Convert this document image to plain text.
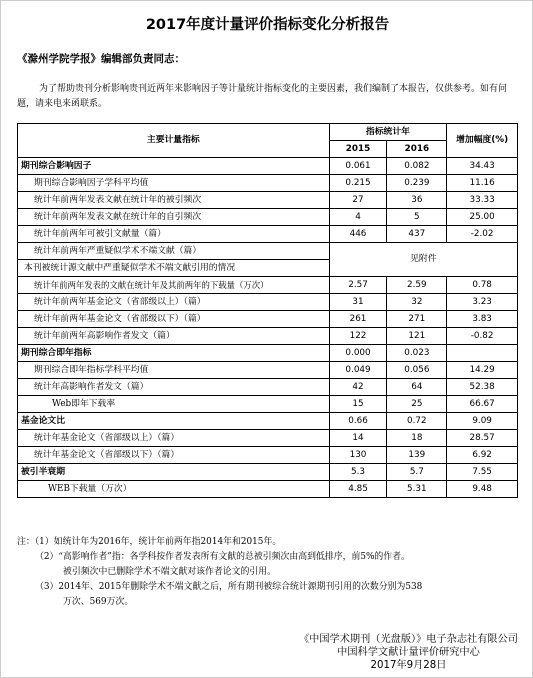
2017年度计量评价指标变化分析报告
《滁州学院学报》编辑部负责同志：
为了帮助贵刊分析影响贵刊近两年来影响因子等计量统计指标变化的主要因素，我们编制了本报告，仅供参考。如有问题，请来电来函联系。
主要计量指标	指标统计年		增加幅度(%)
	2015	2016	
期刊综合影响因子	0.061	0.082	34.43
期刊综合影响因子学科平均值	0.215	0.239	11.16
统计年前两年发表文献在统计年的被引频次	27	36	33.33
统计年前两年发表文献在统计年的自引频次	4	5	25.00
统计年前两年可被引文献量（篇）	446	437	-2.02
统计年前两年严重疑似学术不端文献（篇）	见附件		
本刊被统计源文献中严重疑似学术不端文献引用的情况			
统计年前两年发表的文献在统计年及其前两年的下载量（万次）	2.57	2.59	0.78
统计年前两年基金论文（省部级以上）（篇）	31	32	3.23
统计年前两年基金论文（省部级以下）（篇）	261	271	3.83
统计年前两年高影响作者发文（篇）	122	121	-0.82
期刊综合即年指标	0.000	0.023	
期刊综合即年指标学科平均值	0.049	0.056	14.29
统计年高影响作者发文（篇）	42	64	52.38
Web即年下载率	15	25	66.67
基金论文比	0.66	0.72	9.09
统计年基金论文（省部级以上）（篇）	14	18	28.57
统计年基金论文（省部级以下）（篇）	130	139	6.92
被引半衰期	5.3	5.7	7.55
WEB下载量（万次）	4.85	5.31	9.48

注：（1）如统计年为2016年，统计年前两年指2014年和2015年。

（2）“高影响作者”指：各学科按作者发表所有文献的总被引频次由高到低排序，前5%的作者。

被引频次中已删除学术不端文献对该作者论文的引用。

（3）2014年、2015年删除学术不端文献之后，所有期刊被综合统计源期刊引用的次数分别为538

万次、569万次。

《中国学术期刊（光盘版）》电子杂志社有限公司
中国科学文献计量评价研究中心
2017年9月28日
